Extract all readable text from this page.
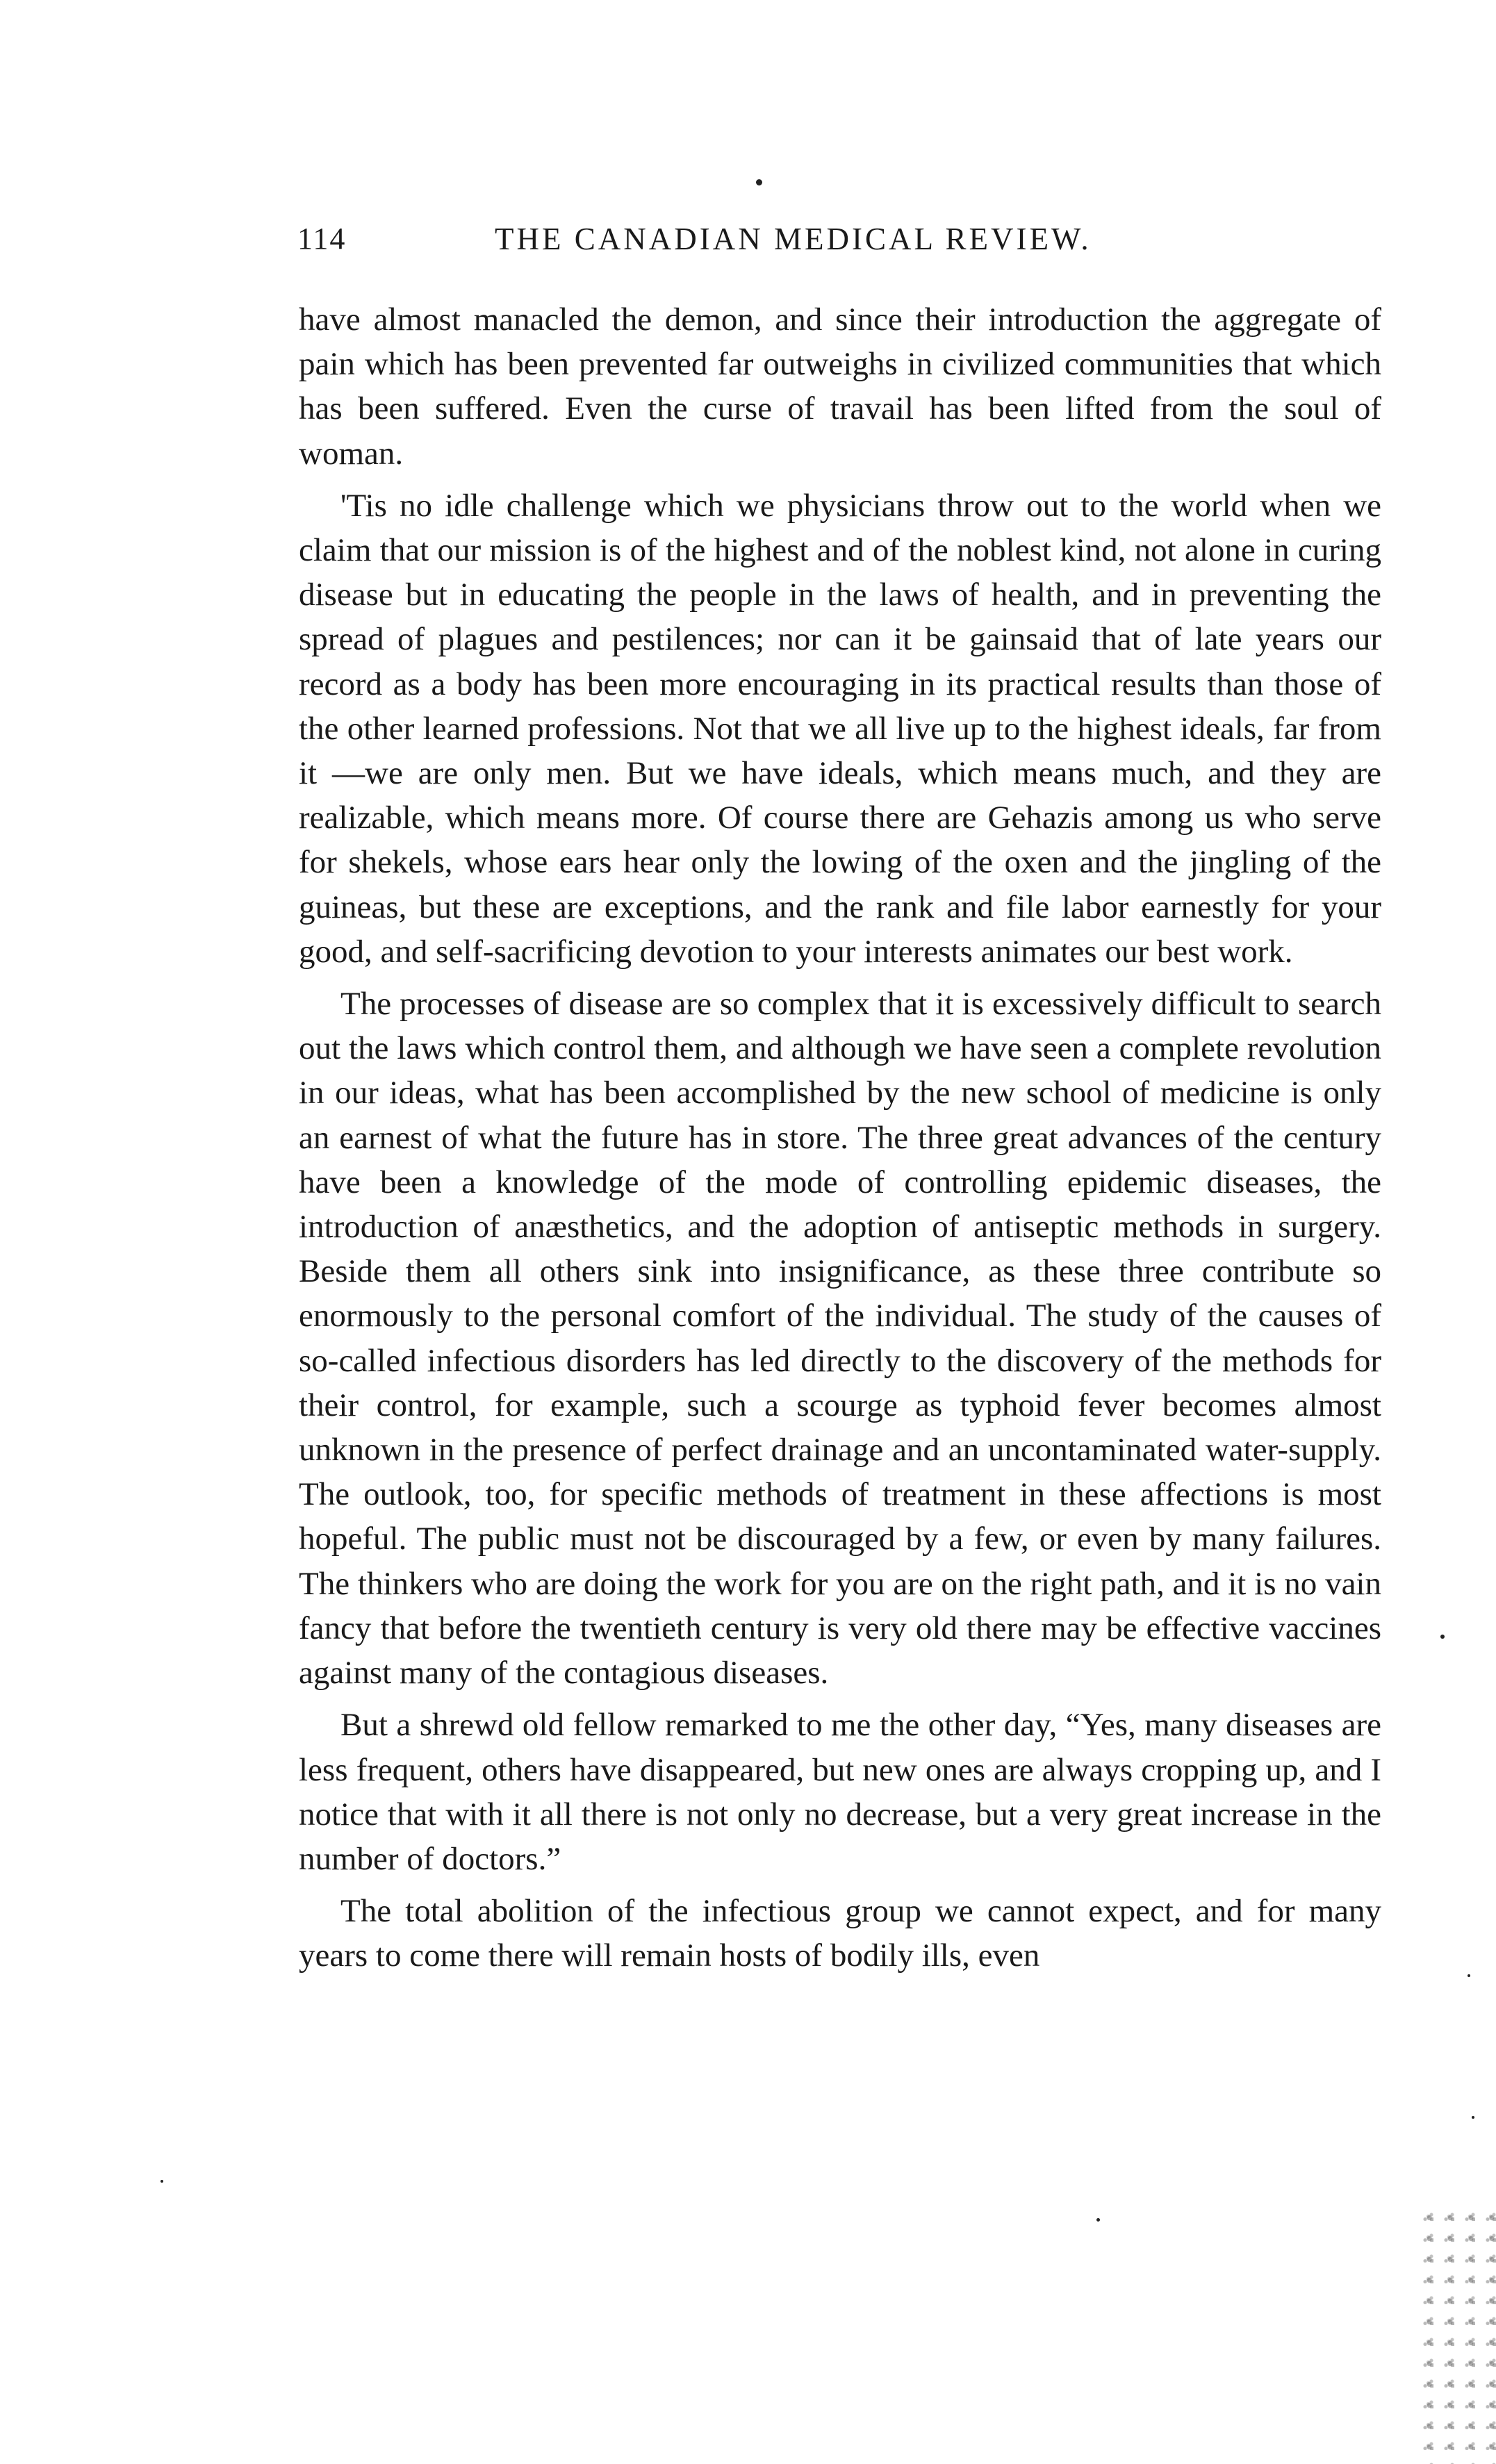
114	THE CANADIAN MEDICAL REVIEW.

have almost manacled the demon, and since their introduction the aggregate of pain which has been prevented far outweighs in civilized communities that which has been suffered. Even the curse of travail has been lifted from the soul of woman.

'Tis no idle challenge which we physicians throw out to the world when we claim that our mission is of the highest and of the noblest kind, not alone in curing disease but in educating the people in the laws of health, and in preventing the spread of plagues and pestilences; nor can it be gainsaid that of late years our record as a body has been more encouraging in its practical results than those of the other learned professions. Not that we all live up to the highest ideals, far from it —we are only men. But we have ideals, which means much, and they are realizable, which means more. Of course there are Gehazis among us who serve for shekels, whose ears hear only the lowing of the oxen and the jingling of the guineas, but these are exceptions, and the rank and file labor earnestly for your good, and self-sacrificing devotion to your interests animates our best work.

The processes of disease are so complex that it is excessively difficult to search out the laws which control them, and although we have seen a complete revolution in our ideas, what has been accomplished by the new school of medicine is only an earnest of what the future has in store. The three great advances of the century have been a knowledge of the mode of controlling epidemic diseases, the introduction of anæsthetics, and the adoption of antiseptic methods in surgery. Beside them all others sink into insignificance, as these three contribute so enormously to the personal comfort of the individual. The study of the causes of so-called infectious disorders has led directly to the discovery of the methods for their control, for example, such a scourge as typhoid fever becomes almost unknown in the presence of perfect drainage and an uncontaminated water-supply. The outlook, too, for specific methods of treatment in these affections is most hopeful. The public must not be discouraged by a few, or even by many failures. The thinkers who are doing the work for you are on the right path, and it is no vain fancy that before the twentieth century is very old there may be effective vaccines against many of the contagious diseases.

But a shrewd old fellow remarked to me the other day, “Yes, many diseases are less frequent, others have disappeared, but new ones are always cropping up, and I notice that with it all there is not only no decrease, but a very great increase in the number of doctors.”

The total abolition of the infectious group we cannot expect, and for many years to come there will remain hosts of bodily ills, even
